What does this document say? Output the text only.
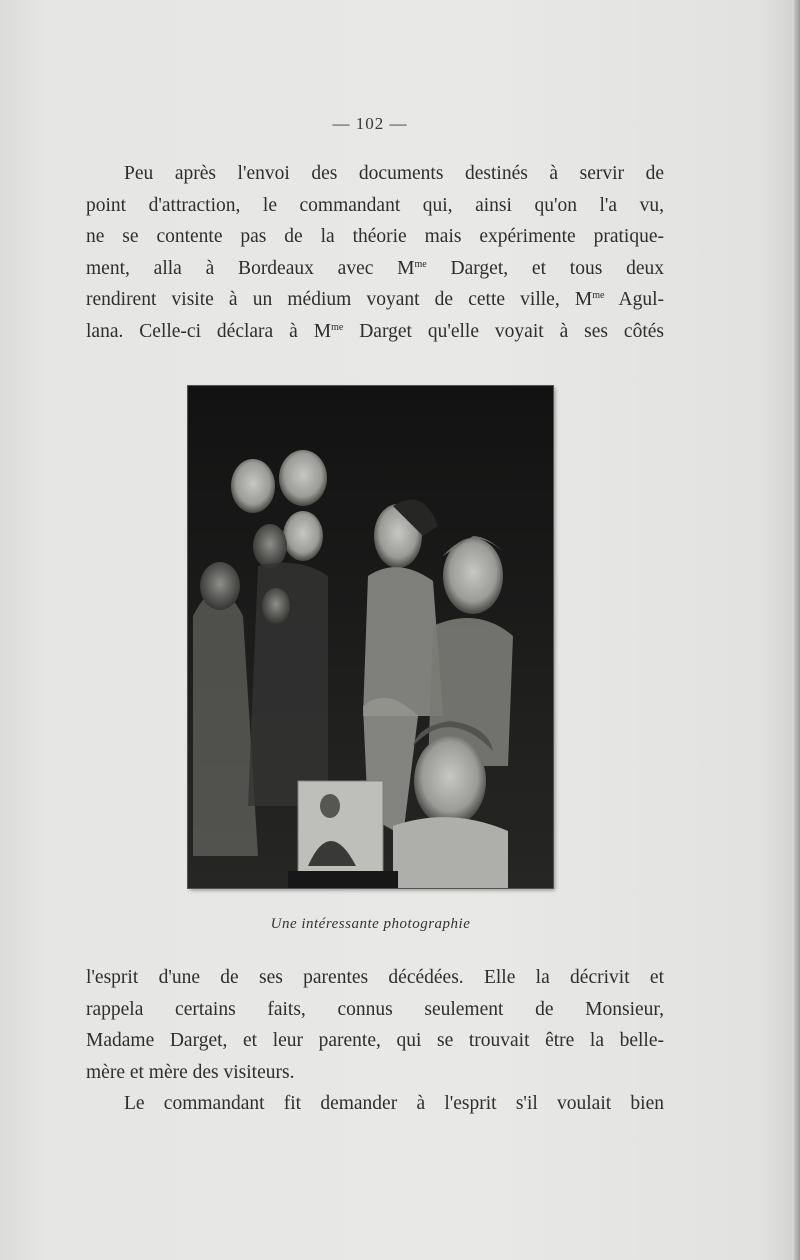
— 102 —
Peu après l'envoi des documents destinés à servir de
point d'attraction, le commandant qui, ainsi qu'on l'a vu,
ne se contente pas de la théorie mais expérimente pratique-
ment, alla à Bordeaux avec $M^{me}$ Darget, et tous deux
rendirent visite à un médium voyant de cette ville, $M^{me}$ Agul-
lana. Celle-ci déclara à $M^{me}$ Darget qu'elle voyait à ses côtés
Une intéressante photographie
l'esprit d'une de ses parentes décédées. Elle la décrivit et
rappela certains faits, connus seulement de Monsieur,
Madame Darget, et leur parente, qui se trouvait être la belle-
mère et mère des visiteurs.
Le commandant fit demander à l'esprit s'il voulait bien
